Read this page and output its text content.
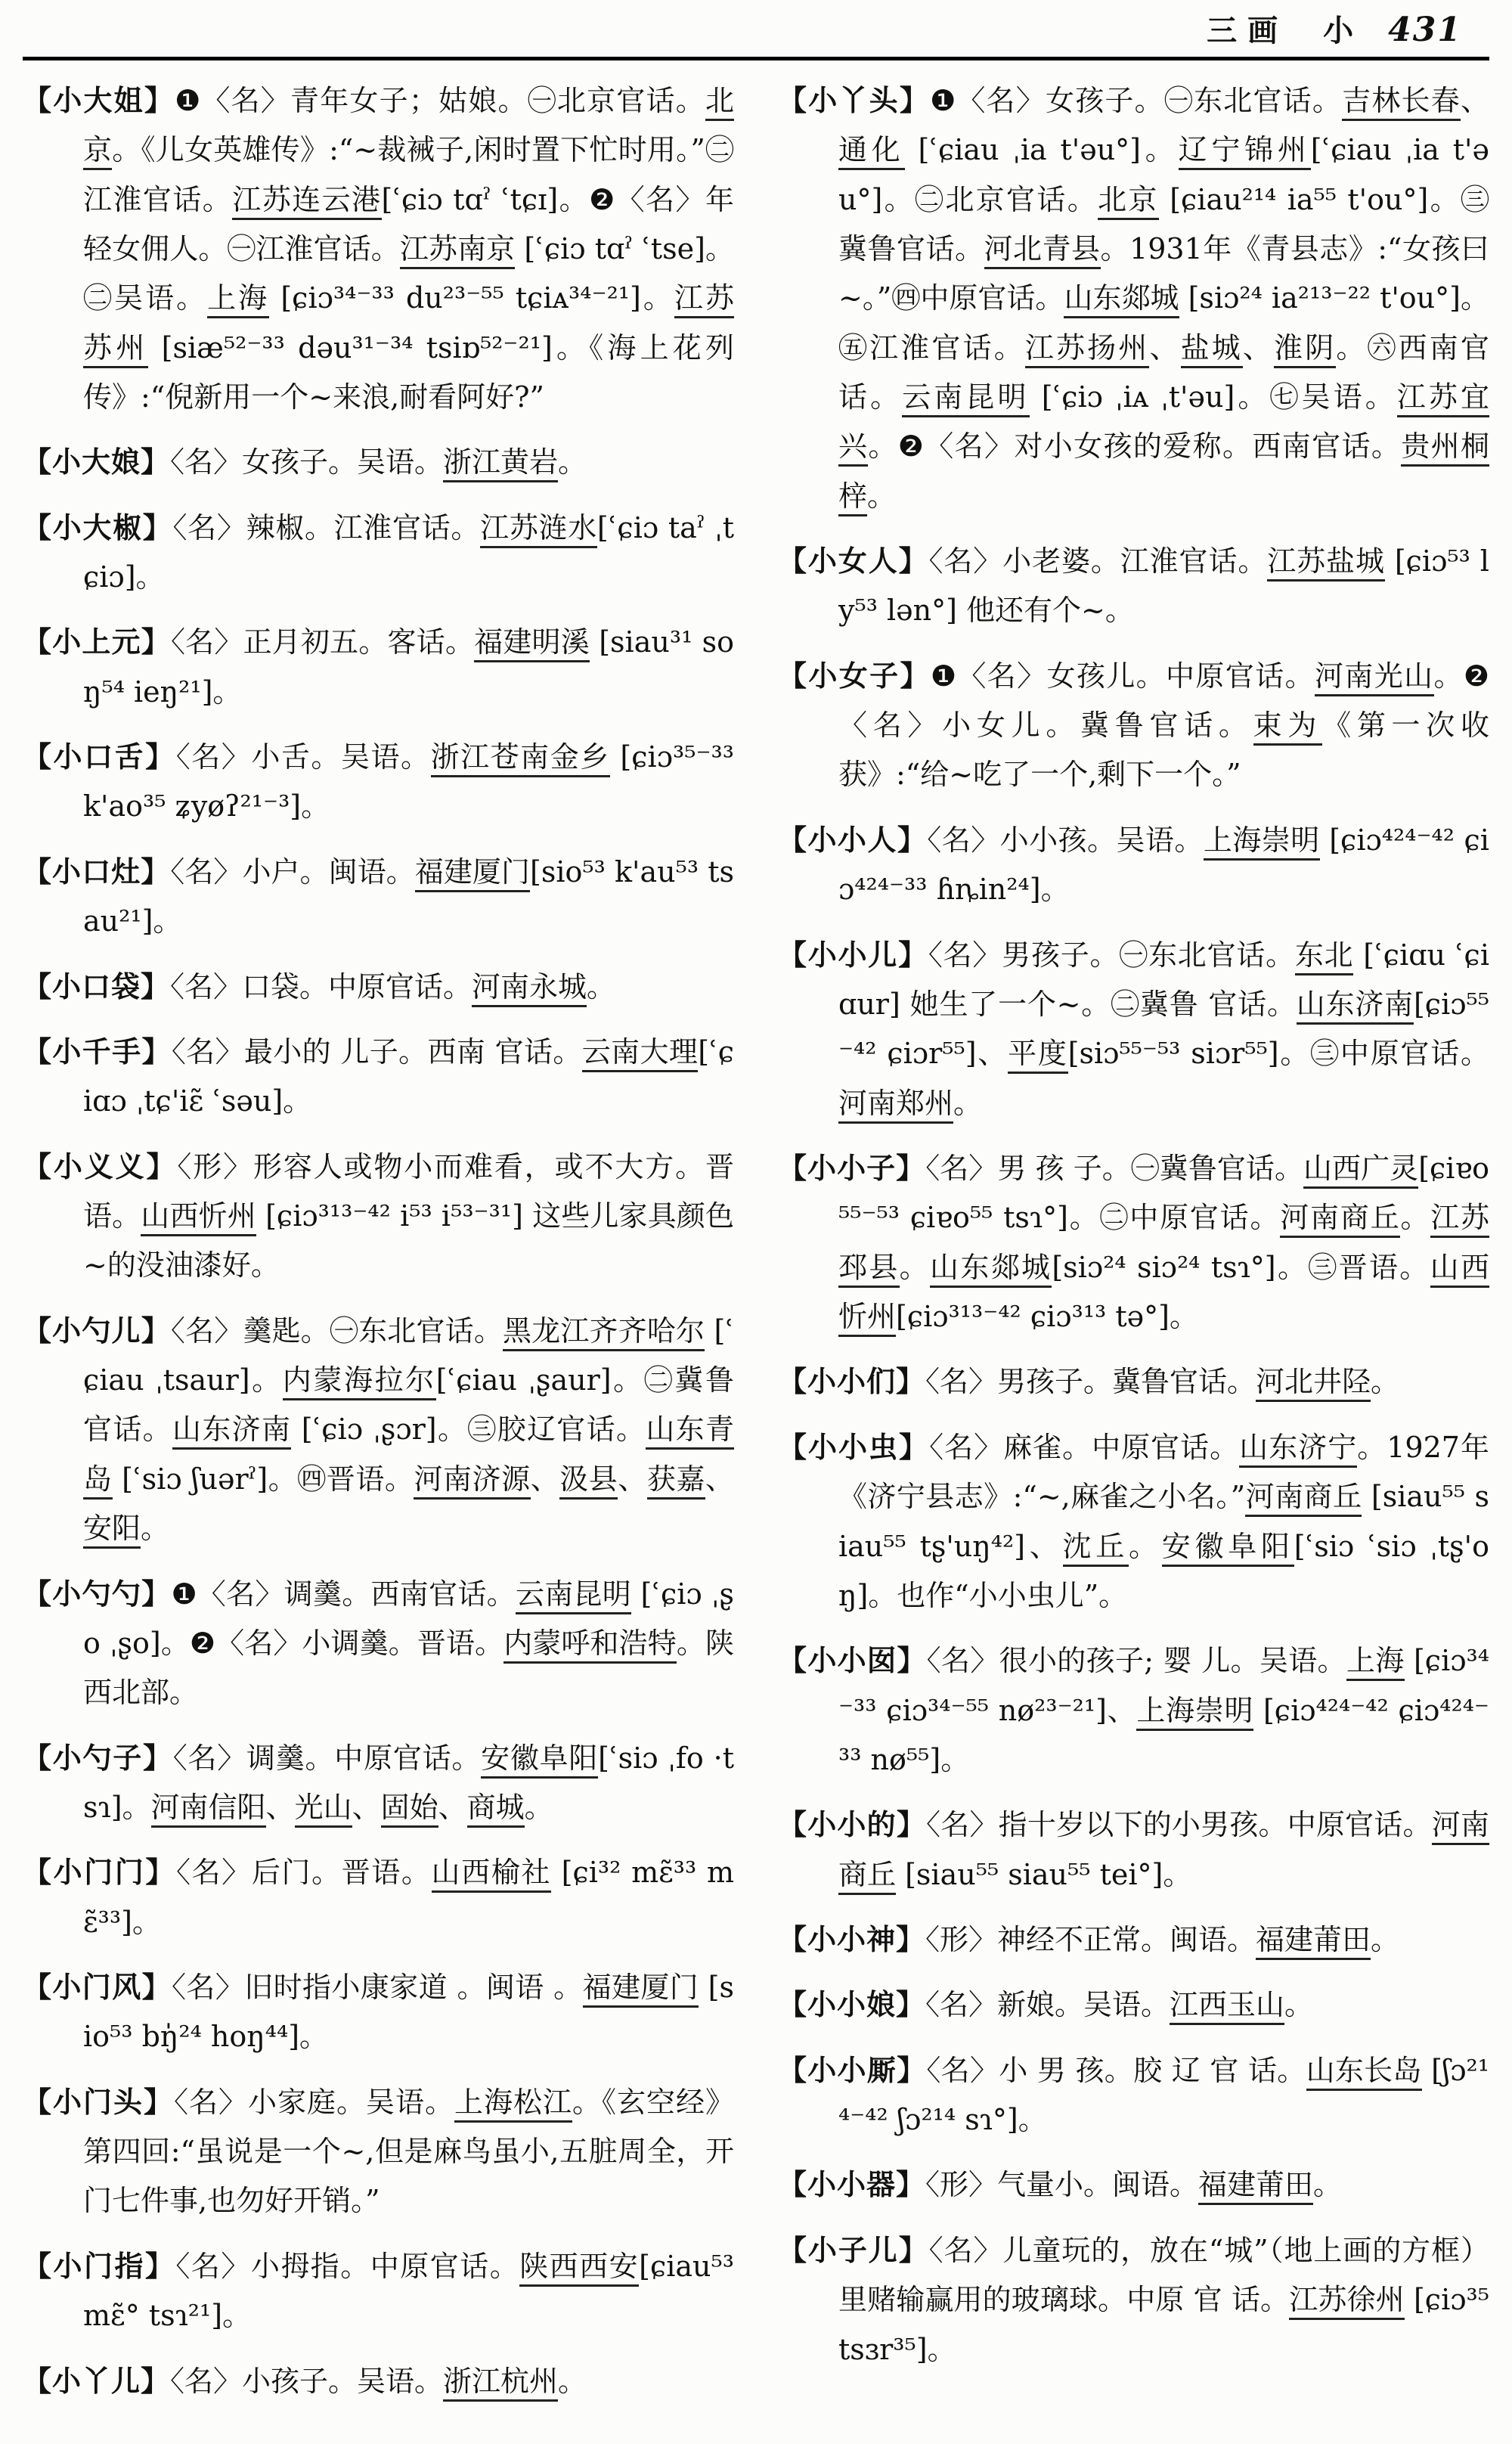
三画 小 431

【小大姐】❶〈名〉青年女子；姑娘。㊀北京官话。北京。《儿女英雄传》:“~裁裓子,闲时置下忙时用。”㊁江淮官话。江苏连云港[ʿɕiɔ tɑˀ ʿtɕɪ]。❷〈名〉年轻女佣人。㊀江淮官话。江苏南京 [ʿɕiɔ tɑˀ ʿtse]。㊁吴语。上海 [ɕiɔ³⁴⁻³³ du²³⁻⁵⁵ tɕiᴀ³⁴⁻²¹]。江苏苏州 [siæ⁵²⁻³³ dəu³¹⁻³⁴ tsiɒ⁵²⁻²¹]。《海上花列传》:“倪新用一个~来浪,耐看阿好?”

【小大娘】〈名〉女孩子。吴语。浙江黄岩。

【小大椒】〈名〉辣椒。江淮官话。江苏涟水[ʿɕiɔ taˀ ˌtɕiɔ]。

【小上元】〈名〉正月初五。客话。福建明溪 [siau³¹ soŋ⁵⁴ ieŋ²¹]。

【小口舌】〈名〉小舌。吴语。浙江苍南金乡 [ɕiɔ³⁵⁻³³ k'ao³⁵ ʑyøʔ²¹⁻³]。

【小口灶】〈名〉小户。闽语。福建厦门[sio⁵³ k'au⁵³ tsau²¹]。

【小口袋】〈名〉口袋。中原官话。河南永城。

【小千手】〈名〉最小的 儿子。西南 官话。云南大理[ʿɕiɑɔ ˌtɕ'iɛ̃ ʿsəu]。

【小义义】〈形〉形容人或物小而难看，或不大方。晋语。山西忻州 [ɕiɔ³¹³⁻⁴² i⁵³ i⁵³⁻³¹] 这些儿家具颜色~的没油漆好。

【小勺儿】〈名〉羹匙。㊀东北官话。黑龙江齐齐哈尔 [ʿɕiau ˌtsaur]。内蒙海拉尔[ʿɕiau ˌʂaur]。㊁冀鲁官话。山东济南 [ʿɕiɔ ˌʂɔr]。㊂胶辽官话。山东青岛 [ʿsiɔ ʃuərˀ]。㊃晋语。河南济源、汲县、获嘉、安阳。

【小勺勺】❶〈名〉调羹。西南官话。云南昆明 [ʿɕiɔ ˌʂo ˌʂo]。❷〈名〉小调羹。晋语。内蒙呼和浩特。陕西北部。

【小勺子】〈名〉调羹。中原官话。安徽阜阳[ʿsiɔ ˌfo ·tsɿ]。河南信阳、光山、固始、商城。

【小门门】〈名〉后门。晋语。山西榆社 [ɕi³² mɛ̃³³ mɛ̃³³]。

【小门风】〈名〉旧时指小康家道 。闽语 。福建厦门 [sio⁵³ bŋ̍²⁴ hoŋ⁴⁴]。

【小门头】〈名〉小家庭。吴语。上海松江。《玄空经》第四回:“虽说是一个~,但是麻鸟虽小,五脏周全，开门七件事,也勿好开销。”

【小门指】〈名〉小拇指。中原官话。陕西西安[ɕiau⁵³ mɛ̃° tsɿ²¹]。

【小丫儿】〈名〉小孩子。吴语。浙江杭州。

【小丫头】❶〈名〉女孩子。㊀东北官话。吉林长春、通化 [ʿɕiau ˌia t'əu°]。辽宁锦州[ʿɕiau ˌia t'əu°]。㊁北京官话。北京 [ɕiau²¹⁴ ia⁵⁵ t'ou°]。㊂冀鲁官话。河北青县。1931年《青县志》:“女孩曰~。”㊃中原官话。山东郯城 [siɔ²⁴ ia²¹³⁻²² t'ou°]。㊄江淮官话。江苏扬州、盐城、淮阴。㊅西南官话。云南昆明 [ʿɕiɔ ˌiᴀ ˌt'əu]。㊆吴语。江苏宜兴。❷〈名〉对小女孩的爱称。西南官话。贵州桐梓。

【小女人】〈名〉小老婆。江淮官话。江苏盐城 [ɕiɔ⁵³ ly⁵³ lən°] 他还有个~。

【小女子】❶〈名〉女孩儿。中原官话。河南光山。❷〈名〉小女儿。冀鲁官话。束为《第一次收获》:“给~吃了一个,剩下一个。”

【小小人】〈名〉小小孩。吴语。上海崇明 [ɕiɔ⁴²⁴⁻⁴² ɕiɔ⁴²⁴⁻³³ ɦȵin²⁴]。

【小小儿】〈名〉男孩子。㊀东北官话。东北 [ʿɕiɑu ʿɕiɑur] 她生了一个~。㊁冀鲁 官话。山东济南[ɕiɔ⁵⁵⁻⁴² ɕiɔr⁵⁵]、平度[siɔ⁵⁵⁻⁵³ siɔr⁵⁵]。㊂中原官话。河南郑州。

【小小子】〈名〉男 孩 子。㊀冀鲁官话。山西广灵[ɕiɐo⁵⁵⁻⁵³ ɕiɐo⁵⁵ tsɿ°]。㊁中原官话。河南商丘。江苏邳县。山东郯城[siɔ²⁴ siɔ²⁴ tsɿ°]。㊂晋语。山西忻州[ɕiɔ³¹³⁻⁴² ɕiɔ³¹³ tə°]。

【小小们】〈名〉男孩子。冀鲁官话。河北井陉。

【小小虫】〈名〉麻雀。中原官话。山东济宁。1927年《济宁县志》:“~,麻雀之小名。”河南商丘 [siau⁵⁵ siau⁵⁵ tʂ'uŋ⁴²]、沈丘。安徽阜阳[ʿsiɔ ʿsiɔ ˌtʂ'oŋ]。也作“小小虫儿”。

【小小囡】〈名〉很小的孩子; 婴 儿。吴语。上海 [ɕiɔ³⁴⁻³³ ɕiɔ³⁴⁻⁵⁵ nø²³⁻²¹]、上海崇明 [ɕiɔ⁴²⁴⁻⁴² ɕiɔ⁴²⁴⁻³³ nø⁵⁵]。

【小小的】〈名〉指十岁以下的小男孩。中原官话。河南商丘 [siau⁵⁵ siau⁵⁵ tei°]。

【小小神】〈形〉神经不正常。闽语。福建莆田。

【小小娘】〈名〉新娘。吴语。江西玉山。

【小小厮】〈名〉小 男 孩。胶 辽 官 话。山东长岛 [ʃɔ²¹⁴⁻⁴² ʃɔ²¹⁴ sɿ°]。

【小小器】〈形〉气量小。闽语。福建莆田。

【小子儿】〈名〉儿童玩的，放在“城”（地上画的方框）里赌输赢用的玻璃球。中原 官 话。江苏徐州 [ɕiɔ³⁵ tsɜr³⁵]。
